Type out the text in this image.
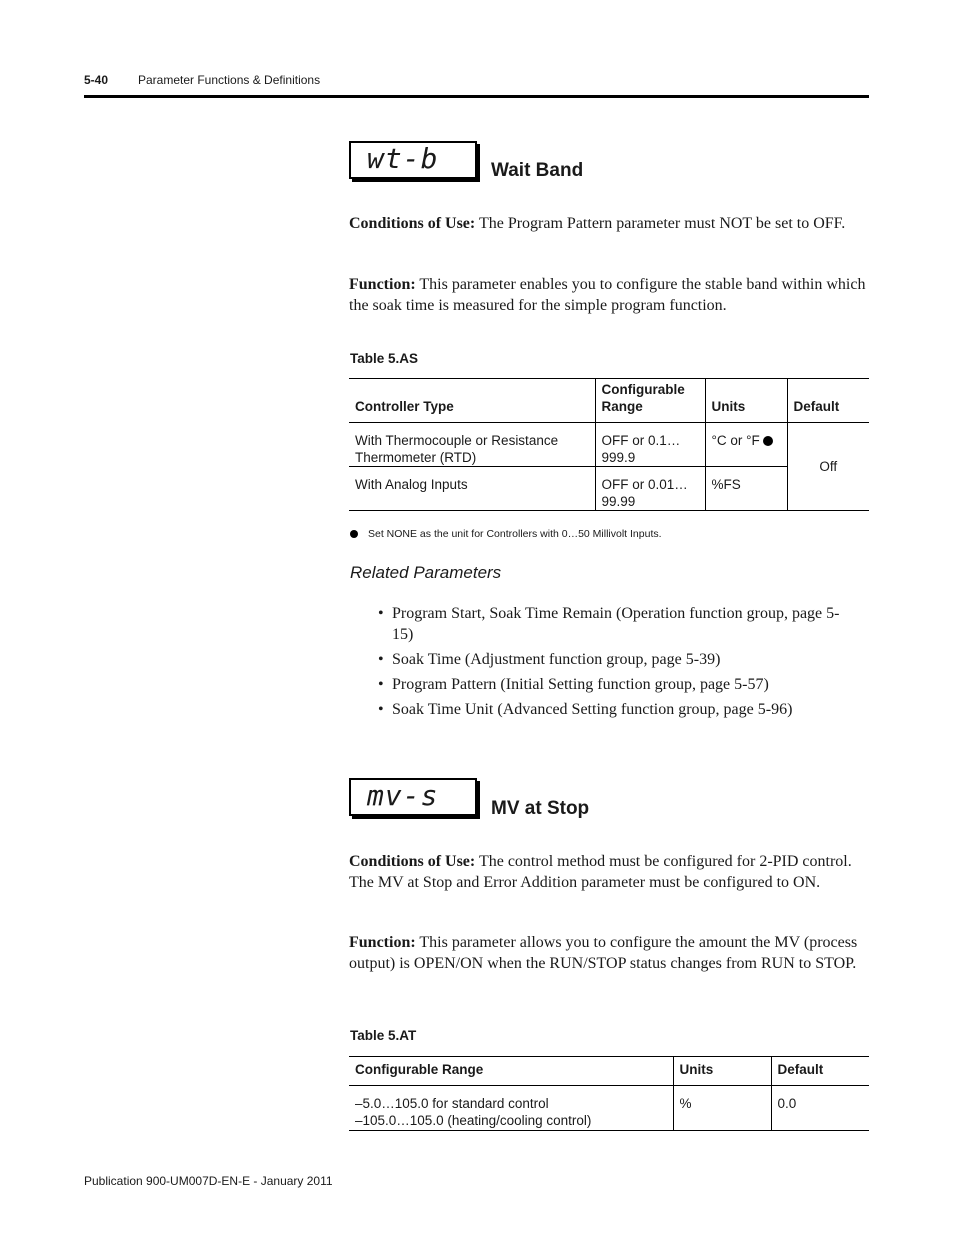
5-40 Parameter Functions & Definitions
wt-b	Wait Band

Conditions of Use: The Program Pattern parameter must NOT be set to OFF.

Function: This parameter enables you to configure the stable band within which the soak time is measured for the simple program function.

Table 5.AS
Controller Type	Configurable Range	Units	Default
With Thermocouple or Resistance Thermometer (RTD)	OFF or 0.1…999.9	°C or °F	Off
With Analog Inputs	OFF or 0.01…99.99	%FS	
Set NONE as the unit for Controllers with 0…50 Millivolt Inputs.
Related Parameters
• Program Start, Soak Time Remain (Operation function group, page 5-15)
• Soak Time (Adjustment function group, page 5-39)
• Program Pattern (Initial Setting function group, page 5-57)
• Soak Time Unit (Advanced Setting function group, page 5-96)
mv-s	MV at Stop

Conditions of Use: The control method must be configured for 2-PID control. The MV at Stop and Error Addition parameter must be configured to ON.

Function: This parameter allows you to configure the amount the MV (process output) is OPEN/ON when the RUN/STOP status changes from RUN to STOP.

Table 5.AT
Configurable Range	Units	Default

–5.0…105.0 for standard control
–105.0…105.0 (heating/cooling control)	%	0.0
Publication 900-UM007D-EN-E - January 2011
